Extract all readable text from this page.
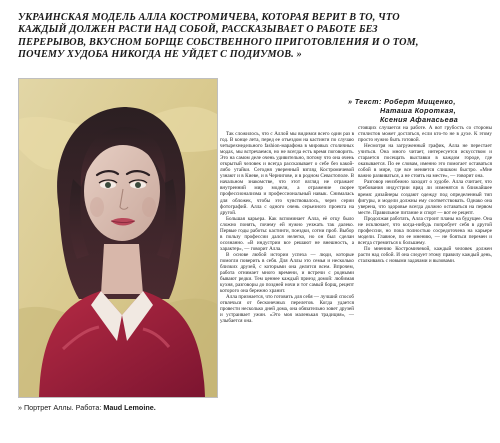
УКРАИНСКАЯ МОДЕЛЬ АЛЛА КОСТРОМИЧЕВА, КОТОРАЯ ВЕРИТ В ТО, ЧТО КАЖДЫЙ ДОЛЖЕН РАСТИ НАД СОБОЙ, РАССКАЗЫВАЕТ О РАБОТЕ БЕЗ ПЕРЕРЫВОВ, ВКУСНОМ БОРЩЕ СОБСТВЕННОГО ПРИГОТОВЛЕНИЯ И О ТОМ, ПОЧЕМУ ХУДОБА НИКОГДА НЕ УЙДЕТ С ПОДИУМОВ. »

» Портрет Аллы. Работа: Maud Lemoine.
» Текст: Роберт Мищенко,
Наташа Короткая,
Ксения Афанасьева

Так сложилось, что с Аллой мы видимся всего один раз в год. В конце лета, перед ее отъездом на кастинги по случаю четырехнедельного fashion-марафона в мировых столичных модах, мы встречаемся, но не всегда есть время поговорить. Это на самом деле очень удивительно, потому что она очень открытый человек и всегда рассказывает о себе без какой-либо утайки. Сегодня уверенный взгляд Костромичевой узнают и в Киеве, и в Чернигове, и в родном Севастополе. В начальном знакомстве, что этот взгляд не отражает внутренний мир модели, а отражение скорее профессионализма и профессиональный навык. Снималась для обложек, чтобы это чувствовалось, через серии фотографий. Алла с одного очень серьезного проекта на другой.

Большая карьера. Как вспоминает Алла, её отцу было сложно понять, почему ей нужно уезжать так далеко. Первые годы работы: кастинги, поездки, сотни проб. Выбор в пользу профессии дался нелегко, но он был сделан осознанно. «В индустрии все решают не внешность, а характер», — говорит Алла.

В основе любой истории успеха — люди, которые помогли поверить в себя. Для Аллы это семья и несколько близких друзей, с которыми она делится всем. Впрочем, работа отнимает много времени, и встречи с родными бывают редки. Тем ценнее каждый приезд домой: любимая кухня, разговоры до поздней ночи и тот самый борщ, рецепт которого она бережно хранит.

Алла признается, что готовить для себя — лучший способ отвлечься от бесконечных перелетов. Когда удается провести несколько дней дома, она обязательно зовет друзей и устраивает ужин. «Это моя маленькая традиция», — улыбается она.

стоящих случается на работе. А вот грубость со стороны стилистов может достаться, если кто-то не в духе. К этому просто нужно быть готовой.

Несмотря на загруженный график, Алла не перестает учиться. Она много читает, интересуется искусством и старается посещать выставки в каждом городе, где оказывается. По ее словам, именно это помогает оставаться собой в мире, где все меняется слишком быстро. «Мне важно развиваться, а не стоять на месте», — говорит она.

Разговор неизбежно заходит о худобе. Алла считает, что требования индустрии вряд ли изменятся в ближайшее время: дизайнеры создают одежду под определенный тип фигуры, и модели должны ему соответствовать. Однако она уверена, что здоровье всегда должно оставаться на первом месте. Правильное питание и спорт — вот ее рецепт.

Продолжая работать, Алла строит планы на будущее. Она не исключает, что когда-нибудь попробует себя в другой профессии, но пока полностью сосредоточена на карьере модели. Главное, по ее мнению, — не бояться перемен и всегда стремиться к большему.

По мнению Костромичевой, каждый человек должен расти над собой. И она следует этому правилу каждый день, сталкиваясь с новыми задачами и вызовами.
